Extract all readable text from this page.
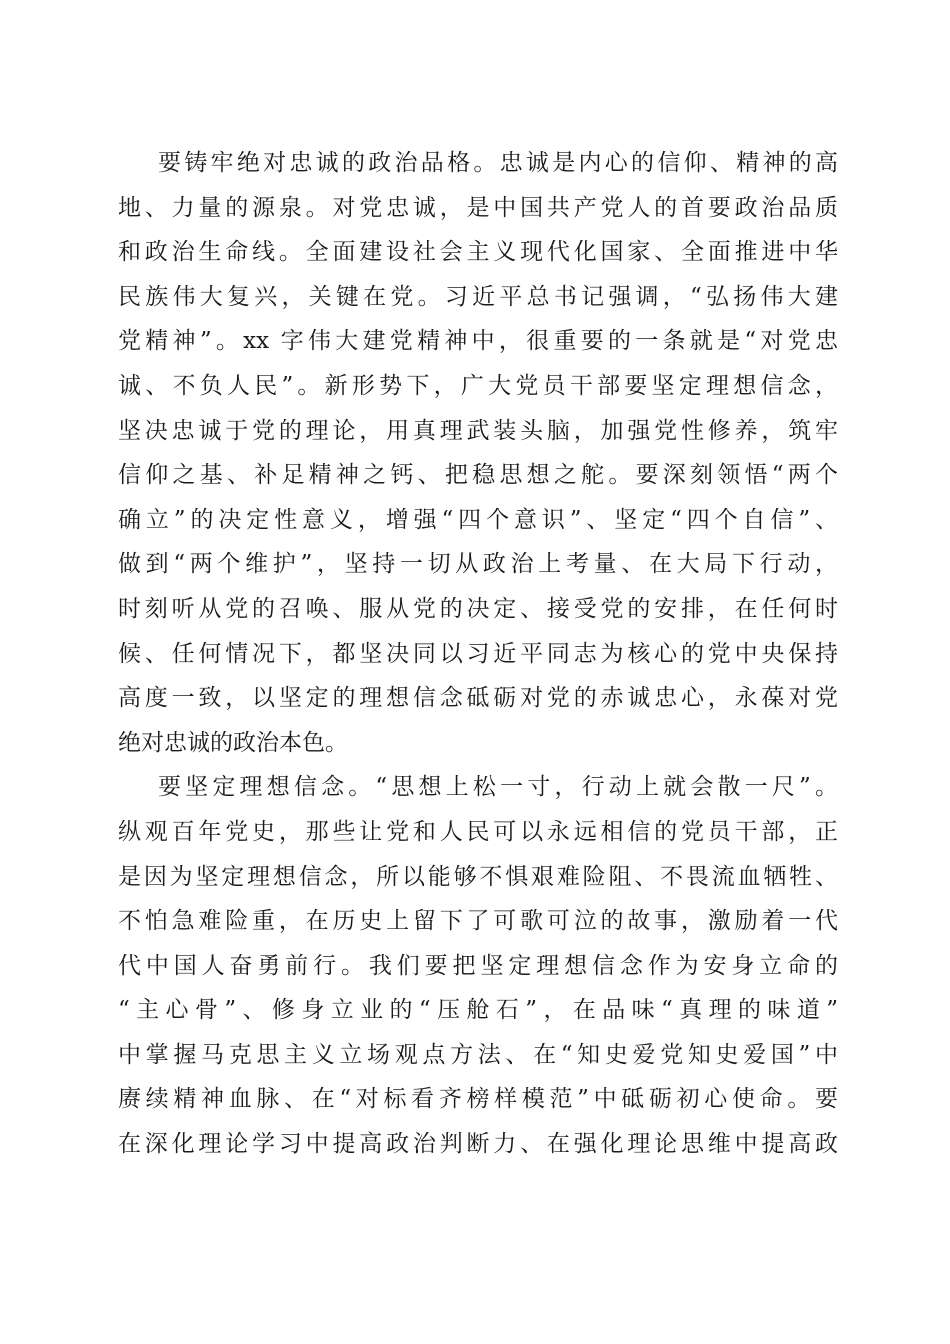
要铸牢绝对忠诚的政治品格。忠诚是内心的信仰、精神的高
地、力量的源泉。对党忠诚，是中国共产党人的首要政治品质
和政治生命线。全面建设社会主义现代化国家、全面推进中华
民族伟大复兴，关键在党。习近平总书记强调，“弘扬伟大建
党精神”。xx 字伟大建党精神中，很重要的一条就是“对党忠
诚、不负人民”。新形势下，广大党员干部要坚定理想信念，
坚决忠诚于党的理论，用真理武装头脑，加强党性修养，筑牢
信仰之基、补足精神之钙、把稳思想之舵。要深刻领悟“两个
确立”的决定性意义，增强“四个意识”、坚定“四个自信”、
做到“两个维护”，坚持一切从政治上考量、在大局下行动，
时刻听从党的召唤、服从党的决定、接受党的安排，在任何时
候、任何情况下，都坚决同以习近平同志为核心的党中央保持
高度一致，以坚定的理想信念砥砺对党的赤诚忠心，永葆对党
绝对忠诚的政治本色。
要坚定理想信念。“思想上松一寸，行动上就会散一尺”。
纵观百年党史，那些让党和人民可以永远相信的党员干部，正
是因为坚定理想信念，所以能够不惧艰难险阻、不畏流血牺牲、
不怕急难险重，在历史上留下了可歌可泣的故事，激励着一代
代中国人奋勇前行。我们要把坚定理想信念作为安身立命的
“主心骨”、修身立业的“压舱石”，在品味“真理的味道”
中掌握马克思主义立场观点方法、在“知史爱党知史爱国”中
赓续精神血脉、在“对标看齐榜样模范”中砥砺初心使命。要
在深化理论学习中提高政治判断力、在强化理论思维中提高政
